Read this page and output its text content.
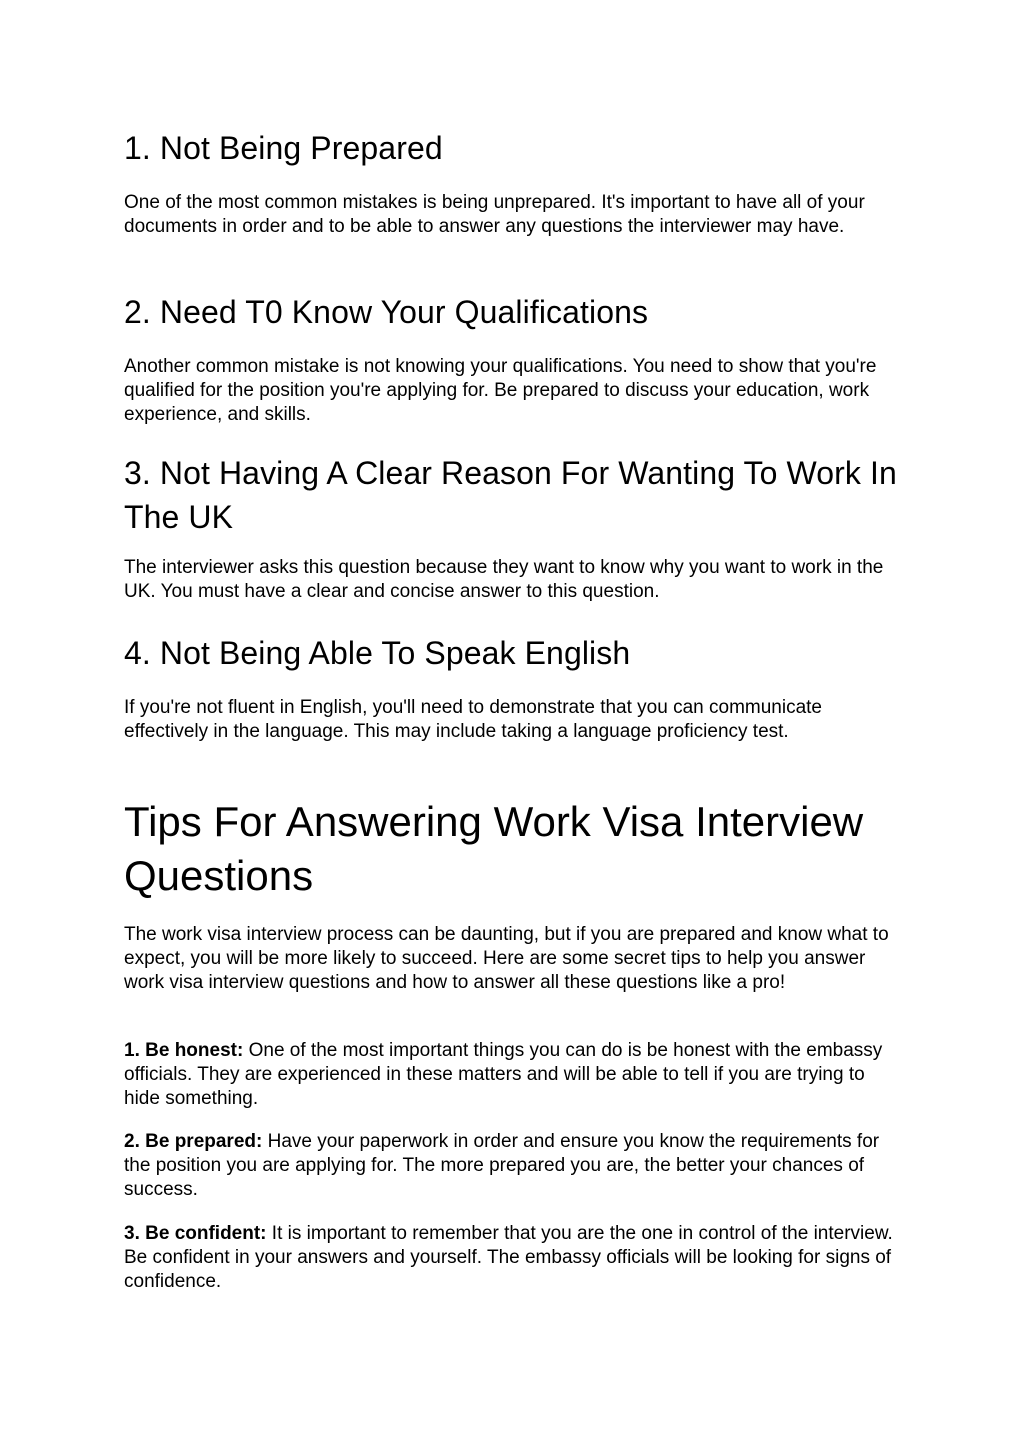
1. Not Being Prepared

One of the most common mistakes is being unprepared. It's important to have all of your documents in order and to be able to answer any questions the interviewer may have.

2. Need T0 Know Your Qualifications

Another common mistake is not knowing your qualifications. You need to show that you're qualified for the position you're applying for. Be prepared to discuss your education, work experience, and skills.

3. Not Having A Clear Reason For Wanting To Work In The UK

The interviewer asks this question because they want to know why you want to work in the UK. You must have a clear and concise answer to this question.

4. Not Being Able To Speak English

If you're not fluent in English, you'll need to demonstrate that you can communicate effectively in the language. This may include taking a language proficiency test.

Tips For Answering Work Visa Interview Questions

The work visa interview process can be daunting, but if you are prepared and know what to expect, you will be more likely to succeed. Here are some secret tips to help you answer work visa interview questions and how to answer all these questions like a pro!

1. Be honest: One of the most important things you can do is be honest with the embassy officials. They are experienced in these matters and will be able to tell if you are trying to hide something.

2. Be prepared: Have your paperwork in order and ensure you know the requirements for the position you are applying for. The more prepared you are, the better your chances of success.

3. Be confident: It is important to remember that you are the one in control of the interview. Be confident in your answers and yourself. The embassy officials will be looking for signs of confidence.
